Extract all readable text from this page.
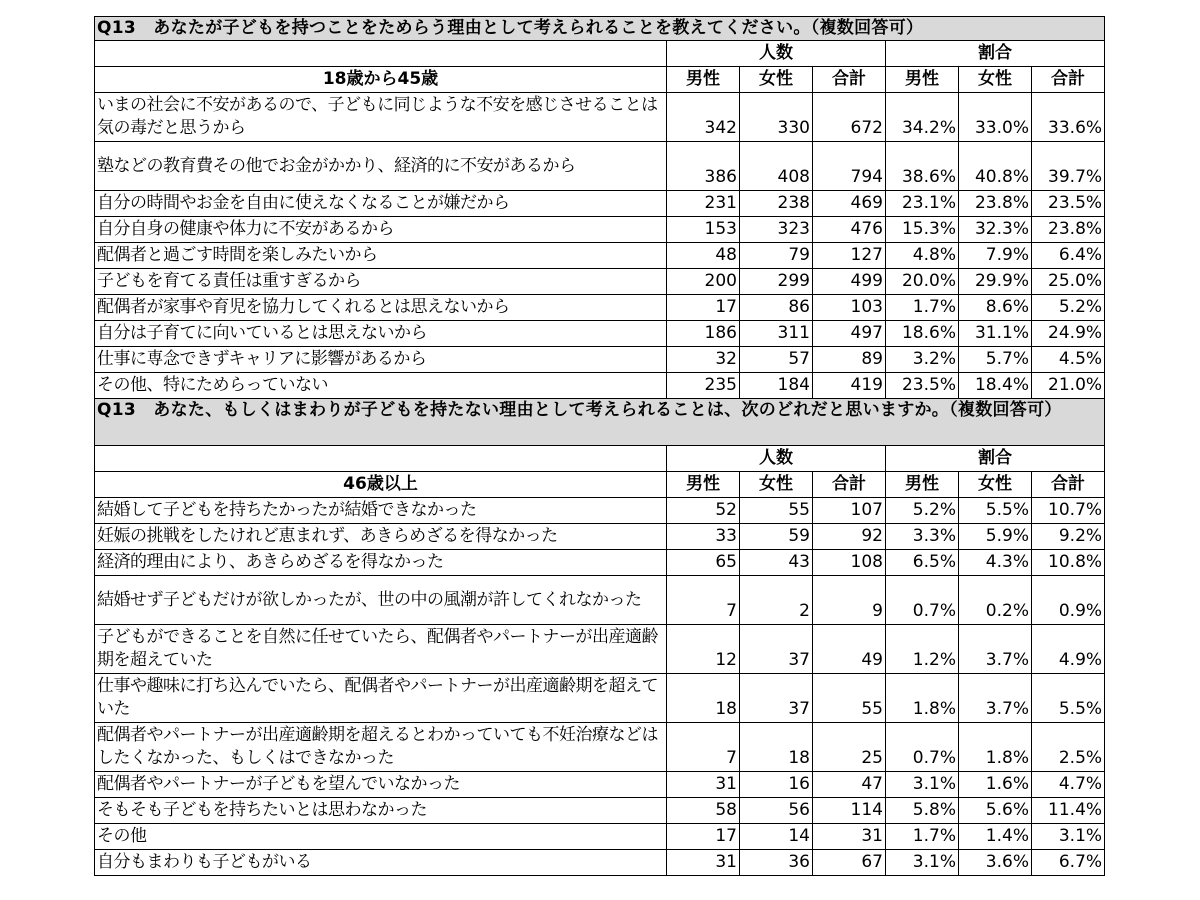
Q13　あなたが子どもを持つことをためらう理由として考えられることを教えてください。（複数回答可）						
	人数			割合		
18歳から45歳	男性	女性	合計	男性	女性	合計
いまの社会に不安があるので、子どもに同じような不安を感じさせることは気の毒だと思うから	342	330	672	34.2%	33.0%	33.6%
塾などの教育費その他でお金がかかり、経済的に不安があるから	386	408	794	38.6%	40.8%	39.7%
自分の時間やお金を自由に使えなくなることが嫌だから	231	238	469	23.1%	23.8%	23.5%
自分自身の健康や体力に不安があるから	153	323	476	15.3%	32.3%	23.8%
配偶者と過ごす時間を楽しみたいから	48	79	127	4.8%	7.9%	6.4%
子どもを育てる責任は重すぎるから	200	299	499	20.0%	29.9%	25.0%
配偶者が家事や育児を協力してくれるとは思えないから	17	86	103	1.7%	8.6%	5.2%
自分は子育てに向いているとは思えないから	186	311	497	18.6%	31.1%	24.9%
仕事に専念できずキャリアに影響があるから	32	57	89	3.2%	5.7%	4.5%
その他、特にためらっていない	235	184	419	23.5%	18.4%	21.0%
Q13　あなた、もしくはまわりが子どもを持たない理由として考えられることは、次のどれだと思いますか。（複数回答可）						
	人数			割合		
46歳以上	男性	女性	合計	男性	女性	合計
結婚して子どもを持ちたかったが結婚できなかった	52	55	107	5.2%	5.5%	10.7%
妊娠の挑戦をしたけれど恵まれず、あきらめざるを得なかった	33	59	92	3.3%	5.9%	9.2%
経済的理由により、あきらめざるを得なかった	65	43	108	6.5%	4.3%	10.8%
結婚せず子どもだけが欲しかったが、世の中の風潮が許してくれなかった	7	2	9	0.7%	0.2%	0.9%
子どもができることを自然に任せていたら、配偶者やパートナーが出産適齢期を超えていた	12	37	49	1.2%	3.7%	4.9%
仕事や趣味に打ち込んでいたら、配偶者やパートナーが出産適齢期を超えていた	18	37	55	1.8%	3.7%	5.5%
配偶者やパートナーが出産適齢期を超えるとわかっていても不妊治療などはしたくなかった、もしくはできなかった	7	18	25	0.7%	1.8%	2.5%
配偶者やパートナーが子どもを望んでいなかった	31	16	47	3.1%	1.6%	4.7%
そもそも子どもを持ちたいとは思わなかった	58	56	114	5.8%	5.6%	11.4%
その他	17	14	31	1.7%	1.4%	3.1%
自分もまわりも子どもがいる	31	36	67	3.1%	3.6%	6.7%
